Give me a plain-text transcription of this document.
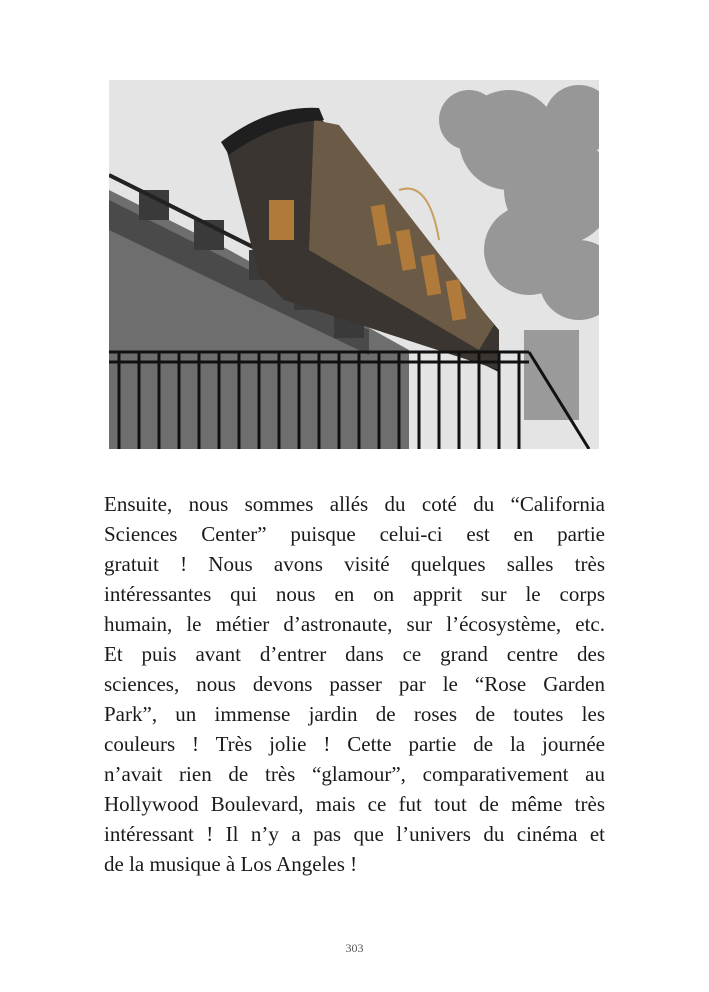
Ensuite, nous sommes allés du coté du “California
Sciences Center” puisque celui-ci est en partie
gratuit ! Nous avons visité quelques salles très
intéressantes qui nous en on apprit sur le corps
humain, le métier d’astronaute, sur l’écosystème, etc.
Et puis avant d’entrer dans ce grand centre des
sciences, nous devons passer par le “Rose Garden
Park”, un immense jardin de roses de toutes les
couleurs ! Très jolie ! Cette partie de la journée
n’avait rien de très “glamour”, comparativement au
Hollywood Boulevard, mais ce fut tout de même très
intéressant ! Il n’y a pas que l’univers du cinéma et
de la musique à Los Angeles !
303
